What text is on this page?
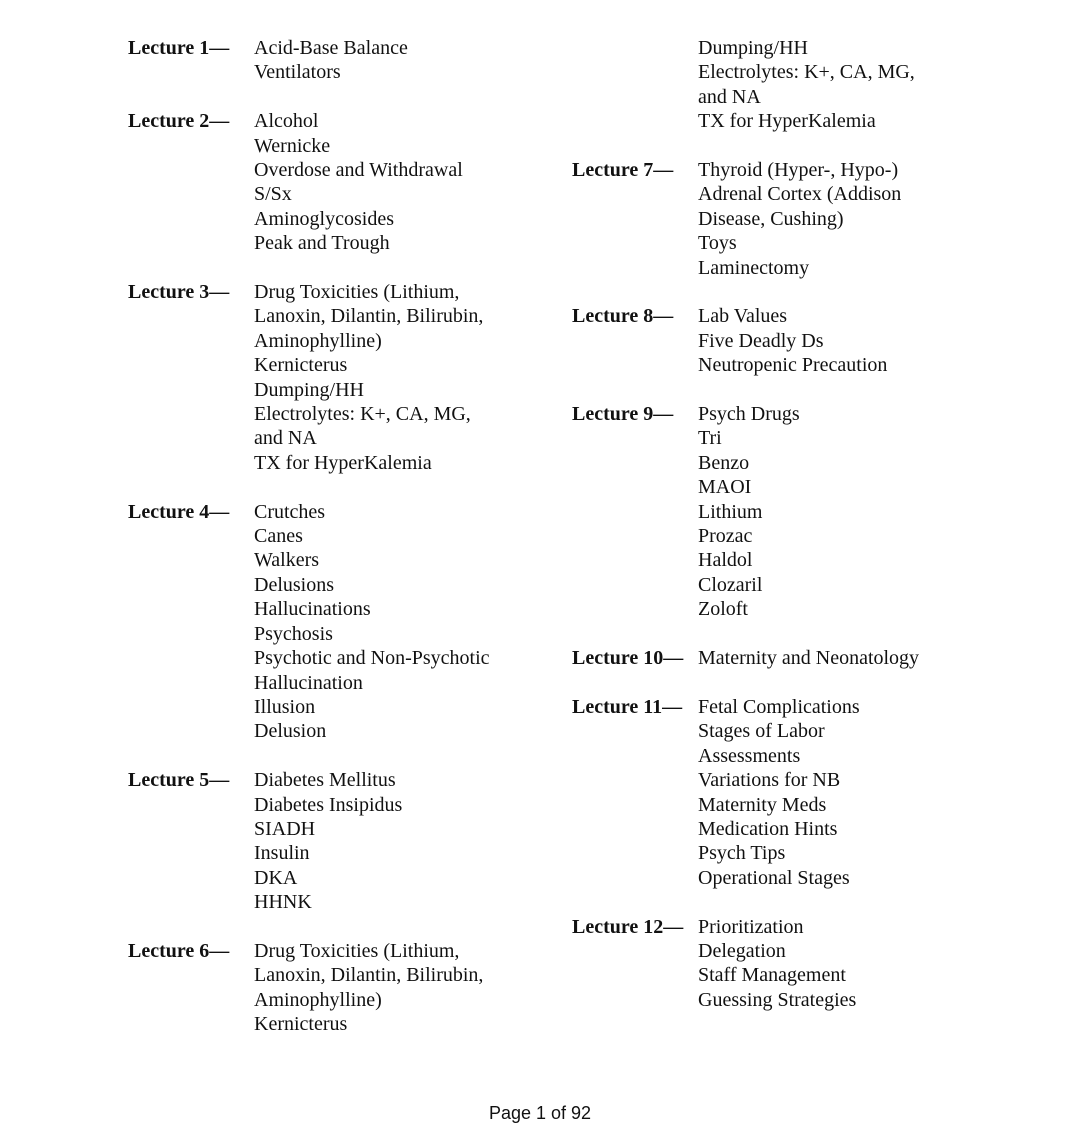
Lecture 1—	Acid-Base Balance
Ventilators
Lecture 2—	Alcohol
Wernicke
Overdose and Withdrawal
S/Sx
Aminoglycosides
Peak and Trough
Lecture 3—	Drug Toxicities (Lithium,
Lanoxin, Dilantin, Bilirubin,
Aminophylline)
Kernicterus
Dumping/HH
Electrolytes: K+, CA, MG,
and NA
TX for HyperKalemia
Lecture 4—	Crutches
Canes
Walkers
Delusions
Hallucinations
Psychosis
Psychotic and Non-Psychotic
Hallucination
Illusion
Delusion
Lecture 5—	Diabetes Mellitus
Diabetes Insipidus
SIADH
Insulin
DKA
HHNK
Lecture 6—	Drug Toxicities (Lithium,
Lanoxin, Dilantin, Bilirubin,
Aminophylline)
Kernicterus
Dumping/HH
Electrolytes: K+, CA, MG,
and NA
TX for HyperKalemia
Lecture 7—	Thyroid (Hyper-, Hypo-)
Adrenal Cortex (Addison
Disease, Cushing)
Toys
Laminectomy
Lecture 8—	Lab Values
Five Deadly Ds
Neutropenic Precaution
Lecture 9—	Psych Drugs
Tri
Benzo
MAOI
Lithium
Prozac
Haldol
Clozaril
Zoloft
Lecture 10— Maternity and Neonatology
Lecture 11— Fetal Complications
Stages of Labor
Assessments
Variations for NB
Maternity Meds
Medication Hints
Psych Tips
Operational Stages
Lecture 12— Prioritization
Delegation
Staff Management
Guessing Strategies
Page 1 of 92
